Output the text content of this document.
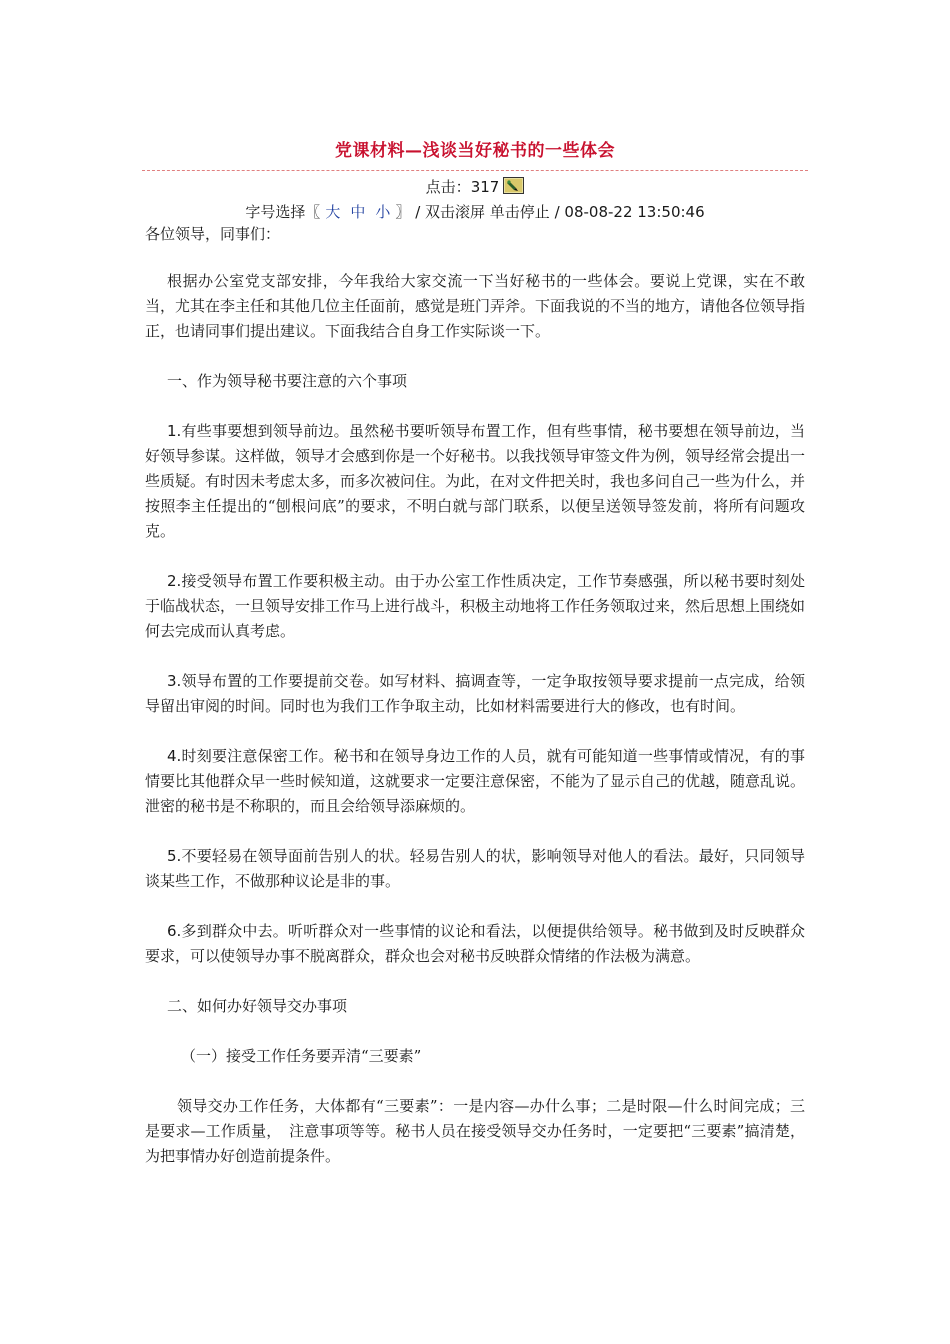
党课材料—浅谈当好秘书的一些体会
点击：317
字号选择〖 大 中 小 〗 / 双击滚屏 单击停止 / 08-08-22 13:50:46

各位领导，同事们：

根据办公室党支部安排，今年我给大家交流一下当好秘书的一些体会。要说上党课，实在不敢当，尤其在李主任和其他几位主任面前，感觉是班门弄斧。下面我说的不当的地方，请他各位领导指正，也请同事们提出建议。下面我结合自身工作实际谈一下。

一、作为领导秘书要注意的六个事项

1.有些事要想到领导前边。虽然秘书要听领导布置工作，但有些事情，秘书要想在领导前边，当好领导参谋。这样做，领导才会感到你是一个好秘书。以我找领导审签文件为例，领导经常会提出一些质疑。有时因未考虑太多，而多次被问住。为此，在对文件把关时，我也多问自己一些为什么，并按照李主任提出的“刨根问底”的要求，不明白就与部门联系，以便呈送领导签发前，将所有问题攻克。

2.接受领导布置工作要积极主动。由于办公室工作性质决定，工作节奏感强，所以秘书要时刻处于临战状态，一旦领导安排工作马上进行战斗，积极主动地将工作任务领取过来，然后思想上围绕如何去完成而认真考虑。

3.领导布置的工作要提前交卷。如写材料、搞调查等，一定争取按领导要求提前一点完成，给领导留出审阅的时间。同时也为我们工作争取主动，比如材料需要进行大的修改，也有时间。

4.时刻要注意保密工作。秘书和在领导身边工作的人员，就有可能知道一些事情或情况，有的事情要比其他群众早一些时候知道，这就要求一定要注意保密，不能为了显示自己的优越，随意乱说。泄密的秘书是不称职的，而且会给领导添麻烦的。

5.不要轻易在领导面前告别人的状。轻易告别人的状，影响领导对他人的看法。最好，只同领导谈某些工作，不做那种议论是非的事。

6.多到群众中去。听听群众对一些事情的议论和看法，以便提供给领导。秘书做到及时反映群众要求，可以使领导办事不脱离群众，群众也会对秘书反映群众情绪的作法极为满意。

二、如何办好领导交办事项

（一）接受工作任务要弄清“三要素”

领导交办工作任务，大体都有“三要素”：一是内容—办什么事；二是时限—什么时间完成；三是要求—工作质量，　注意事项等等。秘书人员在接受领导交办任务时，一定要把“三要素”搞清楚，为把事情办好创造前提条件。
